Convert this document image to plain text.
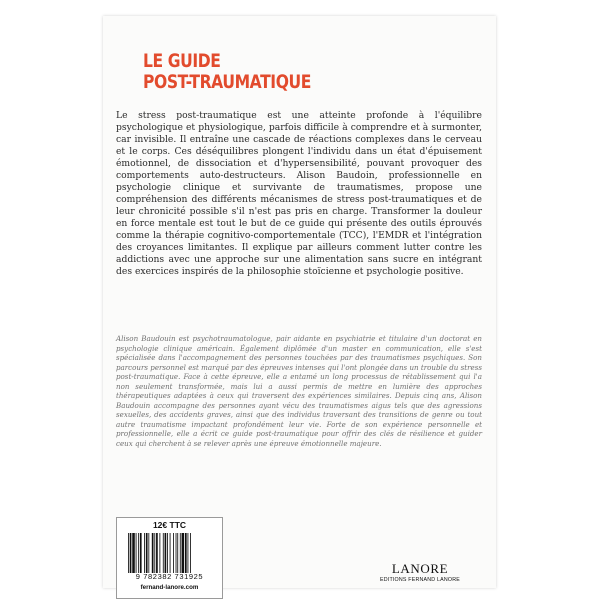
LE GUIDE
POST-TRAUMATIQUE

Le stress post-traumatique est une atteinte profonde à l'équilibre psychologique et physiologique, parfois difficile à comprendre et à surmonter, car invisible. Il entraîne une cascade de réactions complexes dans le cerveau et le corps. Ces déséquilibres plongent l'individu dans un état d'épuisement émotionnel, de dissociation et d'hypersensibilité, pouvant provoquer des comportements auto-destructeurs. Alison Baudoin, professionnelle en psychologie clinique et survivante de traumatismes, propose une compréhension des différents mécanismes de stress post-traumatiques et de leur chronicité possible s'il n'est pas pris en charge. Transformer la douleur en force mentale est tout le but de ce guide qui présente des outils éprouvés comme la thérapie cognitivo-comportementale (TCC), l'EMDR et l'intégration des croyances limitantes. Il explique par ailleurs comment lutter contre les addictions avec une approche sur une alimentation sans sucre en intégrant des exercices inspirés de la philosophie stoïcienne et psychologie positive.

Alison Baudouin est psychotraumatologue, pair aidante en psychiatrie et titulaire d'un doctorat en psychologie clinique américain. Également diplômée d'un master en communication, elle s'est spécialisée dans l'accompagnement des personnes touchées par des traumatismes psychiques. Son parcours personnel est marqué par des épreuves intenses qui l'ont plongée dans un trouble du stress post-traumatique. Face à cette épreuve, elle a entamé un long processus de rétablissement qui l'a non seulement transformée, mais lui a aussi permis de mettre en lumière des approches thérapeutiques adaptées à ceux qui traversent des expériences similaires. Depuis cinq ans, Alison Baudouin accompagne des personnes ayant vécu des traumatismes aigus tels que des agressions sexuelles, des accidents graves, ainsi que des individus traversant des transitions de genre ou tout autre traumatisme impactant profondément leur vie. Forte de son expérience personnelle et professionnelle, elle a écrit ce guide post-traumatique pour offrir des clés de résilience et guider ceux qui cherchent à se relever après une épreuve émotionnelle majeure.

12€ TTC
9 782382 731925
fernand-lanore.com
LANORE
EDITIONS FERNAND LANORE
